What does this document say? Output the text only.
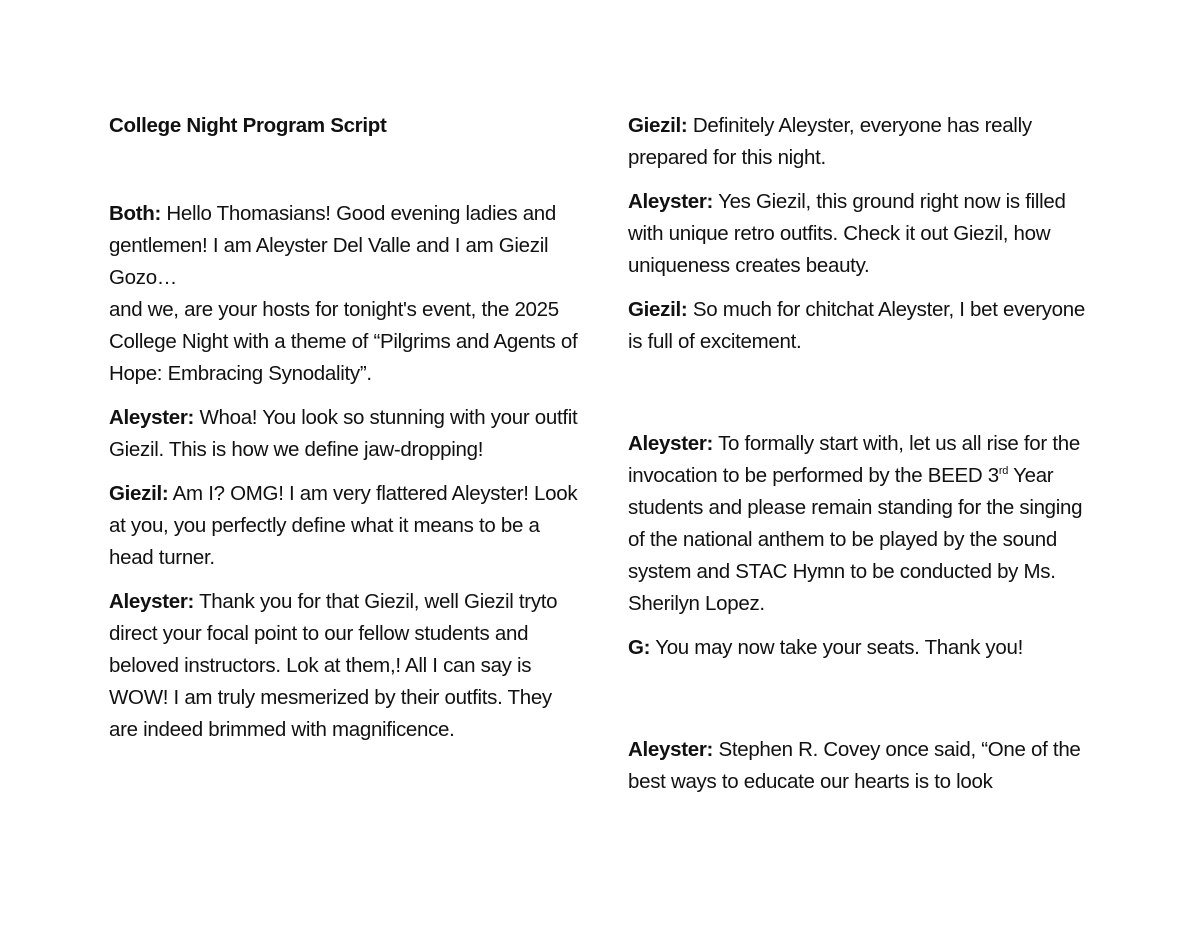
College Night Program Script

Both: Hello Thomasians! Good evening ladies and gentlemen! I am Aleyster Del Valle and I am Giezil Gozo…

and we, are your hosts for tonight's event, the 2025 College Night with a theme of “Pilgrims and Agents of Hope: Embracing Synodality”.

Aleyster: Whoa! You look so stunning with your outfit Giezil. This is how we define jaw-dropping!

Giezil: Am I? OMG! I am very flattered Aleyster! Look at you, you perfectly define what it means to be a head turner.

Aleyster: Thank you for that Giezil, well Giezil tryto direct your focal point to our fellow students and beloved instructors. Lok at them,! All I can say is WOW! I am truly mesmerized by their outfits. They are indeed brimmed with magnificence.

Giezil: Definitely Aleyster, everyone has really prepared for this night.

Aleyster: Yes Giezil, this ground right now is filled with unique retro outfits. Check it out Giezil, how uniqueness creates beauty.

Giezil: So much for chitchat Aleyster, I bet everyone is full of excitement.

Aleyster: To formally start with, let us all rise for the invocation to be performed by the BEED 3rd Year students and please remain standing for the singing of the national anthem to be played by the sound system and STAC Hymn to be conducted by Ms. Sherilyn Lopez.

G: You may now take your seats. Thank you!

Aleyster: Stephen R. Covey once said, “One of the best ways to educate our hearts is to look
